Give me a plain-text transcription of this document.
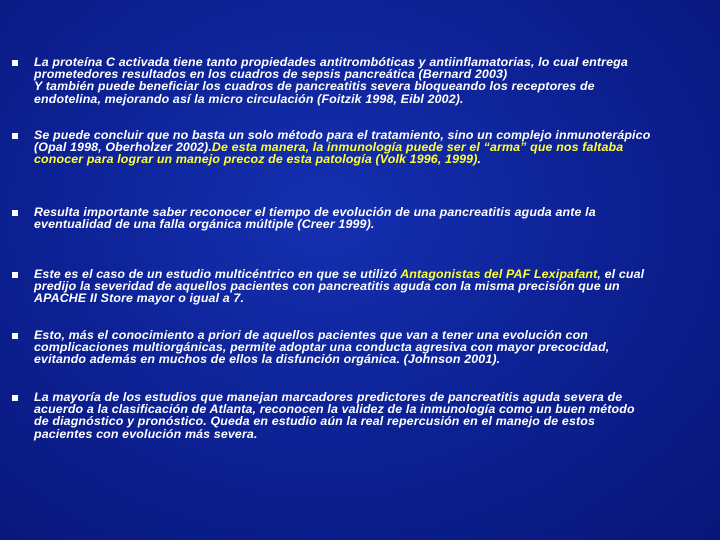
La proteína C activada tiene tanto propiedades antitrombóticas y antiinflamatorias, lo cual entrega
prometedores resultados en los cuadros de sepsis pancreática (Bernard 2003)
Y también puede beneficiar los cuadros de pancreatitis severa bloqueando los receptores de
endotelina, mejorando así la micro circulación (Foitzik 1998, Eibl 2002).
Se puede concluir que no basta un solo método para el tratamiento, sino un complejo inmunoterápico
(Opal 1998, Oberholzer 2002).De esta manera, la inmunología puede ser el “arma” que nos faltaba
conocer para lograr un manejo precoz de esta patología (Volk 1996, 1999).
Resulta importante saber reconocer el tiempo de evolución de una pancreatitis aguda ante la
eventualidad de una falla orgánica múltiple (Creer 1999).
Este es el caso de un estudio multicéntrico en que se utilizó Antagonistas del PAF Lexipafant, el cual
predijo la severidad de aquellos pacientes con pancreatitis aguda con la misma precisión que un
APACHE II Store mayor o igual a 7.
Esto, más el conocimiento a priori de aquellos pacientes que van a tener una evolución con
complicaciones multiorgánicas, permite adoptar una conducta agresiva con mayor precocidad,
evitando además en muchos de ellos la disfunción orgánica. (Johnson 2001).
La mayoría de los estudios que manejan marcadores predictores de pancreatitis aguda severa de
acuerdo a la clasificación de Atlanta, reconocen la validez de la inmunología como un buen método
de diagnóstico y pronóstico. Queda en estudio aún la real repercusión en el manejo de estos
pacientes con evolución más severa.
